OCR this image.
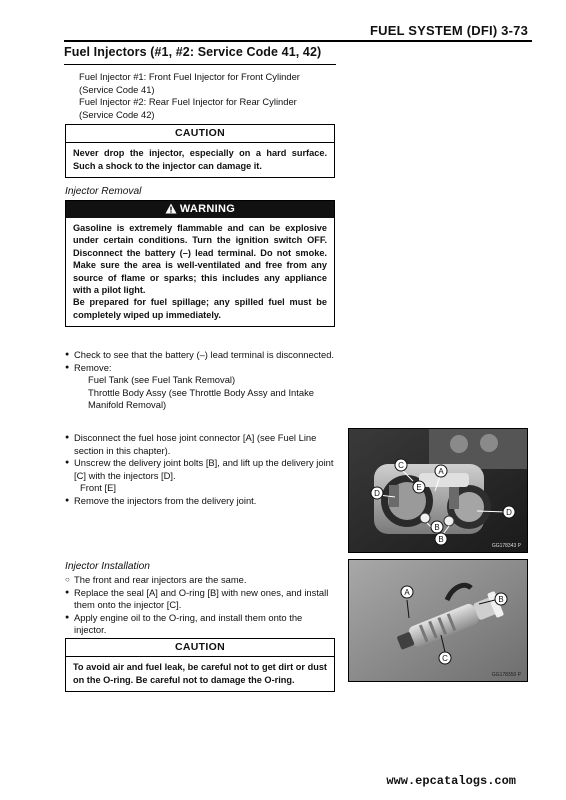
FUEL SYSTEM (DFI) 3-73
Fuel Injectors (#1, #2: Service Code 41, 42)
Fuel Injector #1: Front Fuel Injector for Front Cylinder
(Service Code 41)
Fuel Injector #2: Rear Fuel Injector for Rear Cylinder
(Service Code 42)
CAUTION
Never drop the injector, especially on a hard surface. Such a shock to the injector can damage it.
Injector Removal
WARNING
Gasoline is extremely flammable and can be explosive under certain conditions. Turn the ignition switch OFF. Disconnect the battery (–) lead terminal. Do not smoke. Make sure the area is well-ventilated and free from any source of flame or sparks; this includes any appliance with a pilot light.
Be prepared for fuel spillage; any spilled fuel must be completely wiped up immediately.
● Check to see that the battery (–) lead terminal is disconnected.
● Remove:
Fuel Tank (see Fuel Tank Removal)
Throttle Body Assy (see Throttle Body Assy and Intake Manifold Removal)
● Disconnect the fuel hose joint connector [A] (see Fuel Line section in this chapter).
● Unscrew the delivery joint bolts [B], and lift up the delivery joint [C] with the injectors [D].
Front [E]
● Remove the injectors from the delivery joint.
A
C
D
E
D
B
B
GG178343 P
Injector Installation
○ The front and rear injectors are the same.
● Replace the seal [A] and O-ring [B] with new ones, and install them onto the injector [C].
● Apply engine oil to the O-ring, and install them onto the injector.
A
B
C
GG178350 P
CAUTION
To avoid air and fuel leak, be careful not to get dirt or dust on the O-ring. Be careful not to damage the O-ring.
www.epcatalogs.com
